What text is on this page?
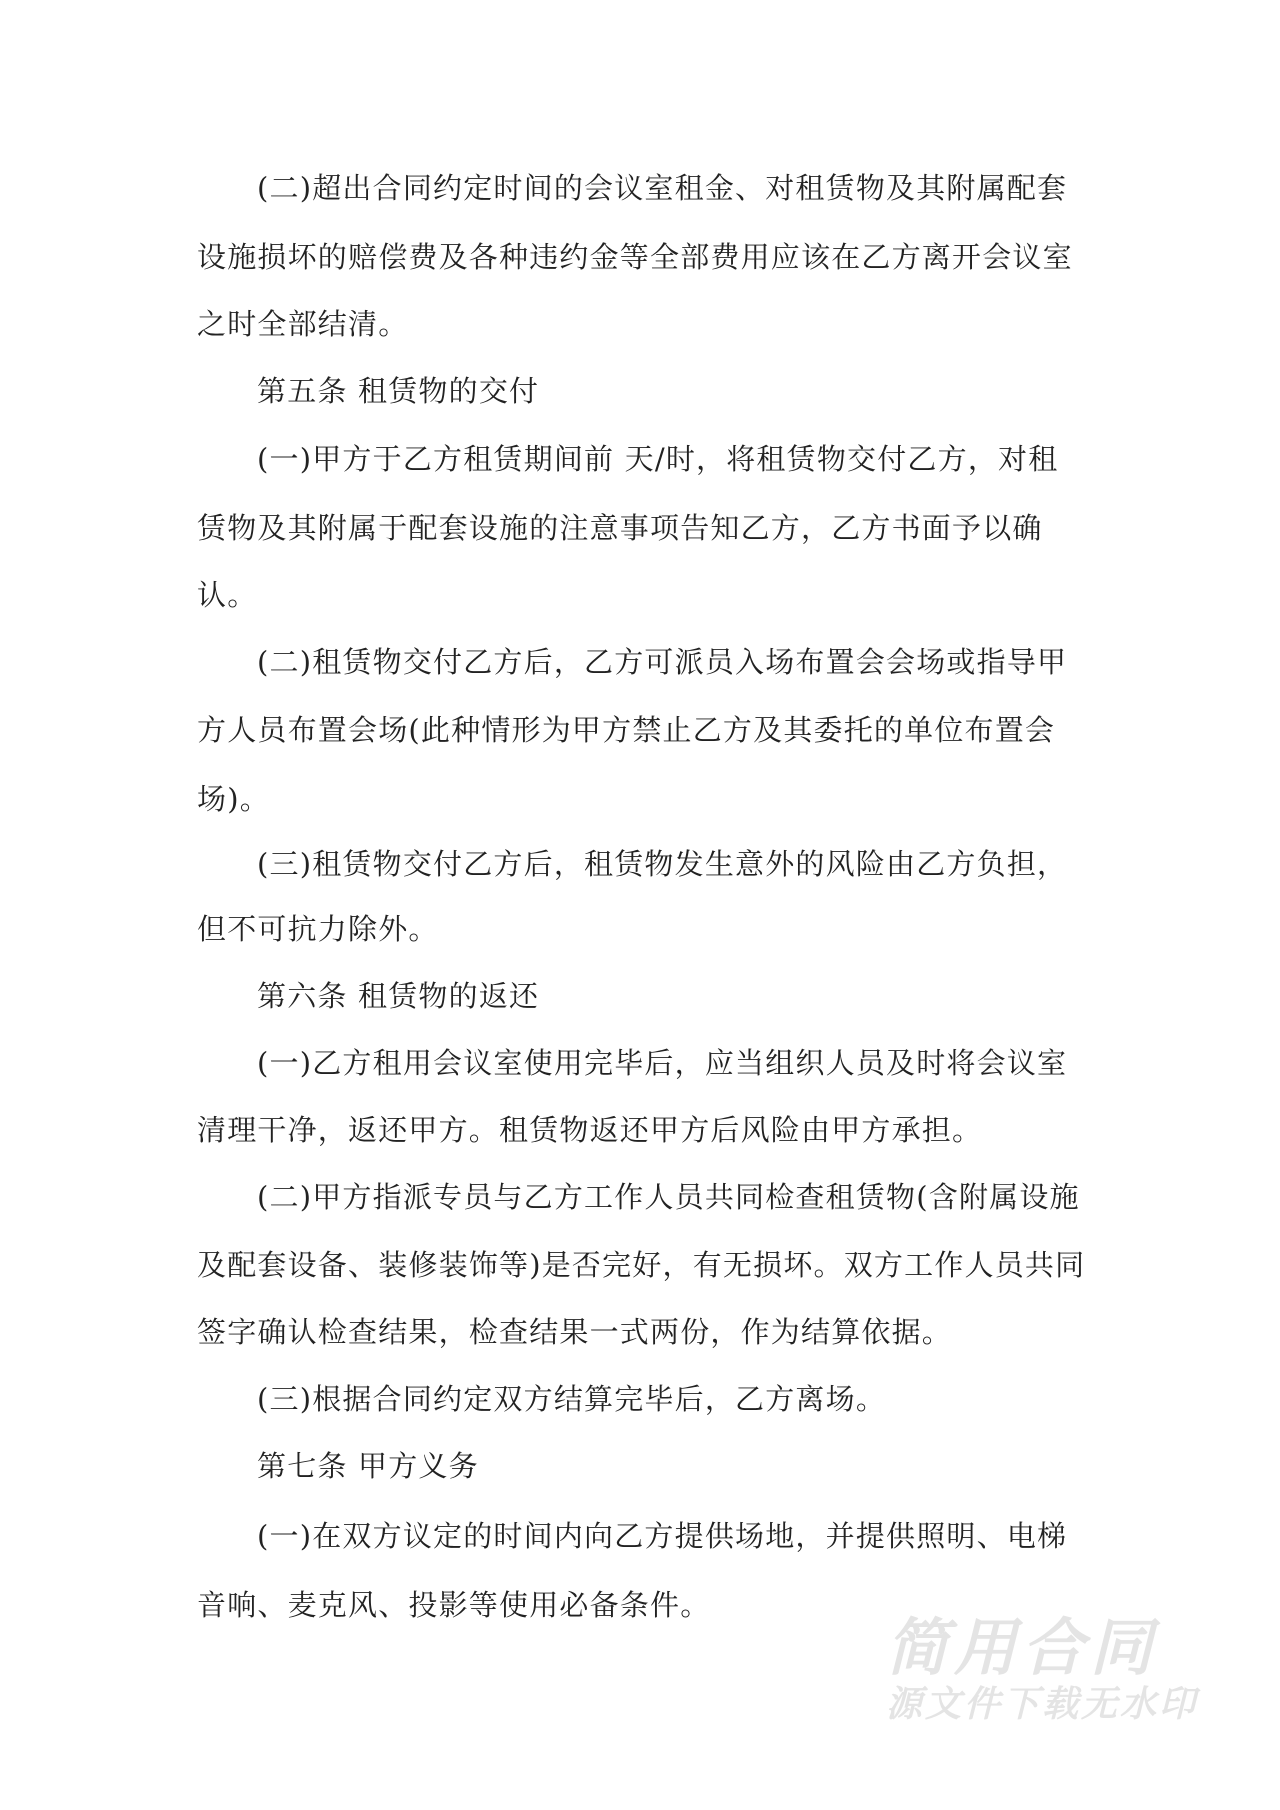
(二)超出合同约定时间的会议室租金、对租赁物及其附属配套
设施损坏的赔偿费及各种违约金等全部费用应该在乙方离开会议室
之时全部结清。
第五条 租赁物的交付
(一)甲方于乙方租赁期间前 天/时，将租赁物交付乙方，对租
赁物及其附属于配套设施的注意事项告知乙方，乙方书面予以确
认。
(二)租赁物交付乙方后，乙方可派员入场布置会会场或指导甲
方人员布置会场(此种情形为甲方禁止乙方及其委托的单位布置会
场)。
(三)租赁物交付乙方后，租赁物发生意外的风险由乙方负担，
但不可抗力除外。
第六条 租赁物的返还
(一)乙方租用会议室使用完毕后，应当组织人员及时将会议室
清理干净，返还甲方。租赁物返还甲方后风险由甲方承担。
(二)甲方指派专员与乙方工作人员共同检查租赁物(含附属设施
及配套设备、装修装饰等)是否完好，有无损坏。双方工作人员共同
签字确认检查结果，检查结果一式两份，作为结算依据。
(三)根据合同约定双方结算完毕后，乙方离场。
第七条 甲方义务
(一)在双方议定的时间内向乙方提供场地，并提供照明、电梯
音响、麦克风、投影等使用必备条件。
简用合同
源文件下载无水印
